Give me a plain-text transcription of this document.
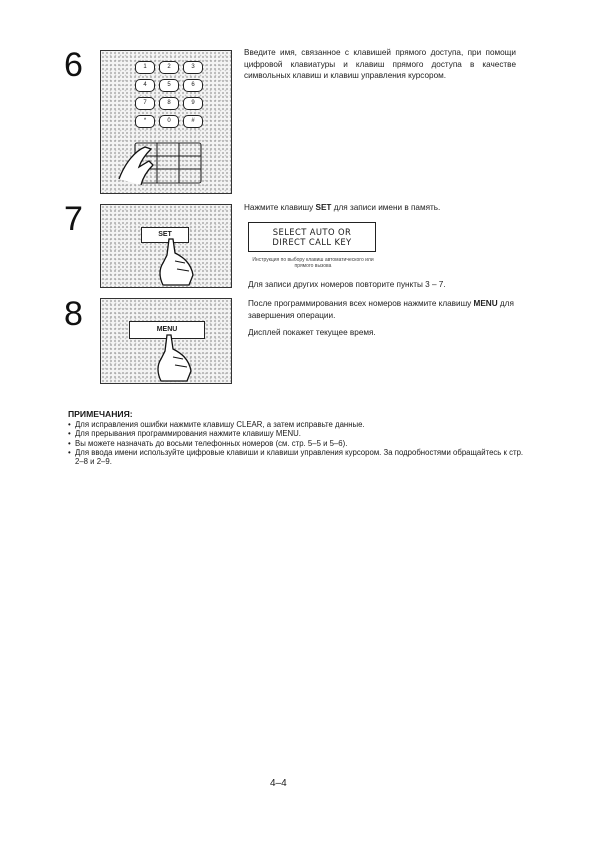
6	1	2	3
4	5	6
7	8	9
*	0	#
Введите имя, связанное с клавишей прямого доступа, при помощи цифровой клавиатуры и клавиш прямого доступа в качестве символьных клавиш и клавиш управления курсором.
7	SET
Нажмите клавишу SET для записи имени в память.
SELECT AUTO OR
DIRECT CALL KEY
Инструкция по выбору клавиш автоматического или прямого вызова
Для записи других номеров повторите пункты 3 – 7.
8	MENU
После программирования всех номеров нажмите клавишу MENU для завершения операции.
Дисплей покажет текущее время.
ПРИМЕЧАНИЯ:
• Для исправления ошибки нажмите клавишу CLEAR, а затем исправьте данные.
• Для прерывания программирования нажмите клавишу MENU.
• Вы можете назначать до восьми телефонных номеров (см. стр. 5–5 и 5–6).
• Для ввода имени используйте цифровые клавиши и клавиши управления курсором. За подробностями обращайтесь к стр. 2–8 и 2–9.
4–4
